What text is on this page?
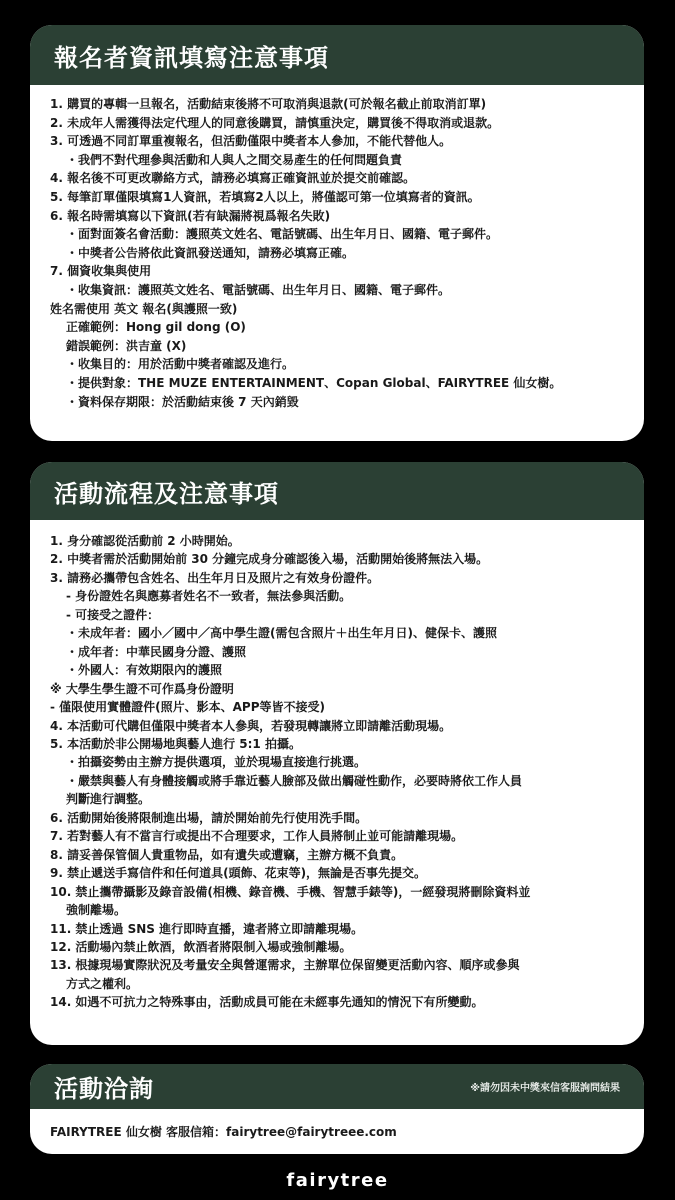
報名者資訊填寫注意事項
1. 購買的專輯一旦報名，活動結束後將不可取消與退款(可於報名截止前取消訂單)
2. 未成年人需獲得法定代理人的同意後購買，請慎重決定，購買後不得取消或退款。
3. 可透過不同訂單重複報名，但活動僅限中獎者本人參加，不能代替他人。
・我們不對代理參與活動和人與人之間交易產生的任何問題負責
4. 報名後不可更改聯絡方式，請務必填寫正確資訊並於提交前確認。
5. 每筆訂單僅限填寫1人資訊，若填寫2人以上，將僅認可第一位填寫者的資訊。
6. 報名時需填寫以下資訊(若有缺漏將視爲報名失敗)
・面對面簽名會活動：護照英文姓名、電話號碼、出生年月日、國籍、電子郵件。
・中獎者公告將依此資訊發送通知，請務必填寫正確。
7. 個資收集與使用
・收集資訊：護照英文姓名、電話號碼、出生年月日、國籍、電子郵件。
姓名需使用 英文 報名(與護照一致)
正確範例：Hong gil dong (O)
錯誤範例：洪吉童 (X)
・收集目的：用於活動中獎者確認及進行。
・提供對象：THE MUZE ENTERTAINMENT、Copan Global、FAIRYTREE 仙女樹。
・資料保存期限：於活動結束後 7 天內銷毀
活動流程及注意事項
1. 身分確認從活動前 2 小時開始。
2. 中獎者需於活動開始前 30 分鐘完成身分確認後入場，活動開始後將無法入場。
3. 請務必攜帶包含姓名、出生年月日及照片之有效身份證件。
- 身份證姓名與應募者姓名不一致者，無法參與活動。
- 可接受之證件：
・未成年者：國小／國中／高中學生證(需包含照片＋出生年月日)、健保卡、護照
・成年者：中華民國身分證、護照
・外國人：有效期限內的護照
※ 大學生學生證不可作爲身份證明
- 僅限使用實體證件(照片、影本、APP等皆不接受)
4. 本活動可代購但僅限中獎者本人參與，若發現轉讓將立即請離活動現場。
5. 本活動於非公開場地與藝人進行 5:1 拍攝。
・拍攝姿勢由主辦方提供選項，並於現場直接進行挑選。
・嚴禁與藝人有身體接觸或將手靠近藝人臉部及做出觸碰性動作，必要時將依工作人員
判斷進行調整。
6. 活動開始後將限制進出場，請於開始前先行使用洗手間。
7. 若對藝人有不當言行或提出不合理要求，工作人員將制止並可能請離現場。
8. 請妥善保管個人貴重物品，如有遺失或遭竊，主辦方概不負責。
9. 禁止遞送手寫信件和任何道具(頭飾、花束等)，無論是否事先提交。
10. 禁止攜帶攝影及錄音設備(相機、錄音機、手機、智慧手錶等)，一經發現將刪除資料並
強制離場。
11. 禁止透過 SNS 進行即時直播，違者將立即請離現場。
12. 活動場內禁止飲酒，飲酒者將限制入場或強制離場。
13. 根據現場實際狀況及考量安全與營運需求，主辦單位保留變更活動內容、順序或參與
方式之權利。
14. 如遇不可抗力之特殊事由，活動成員可能在未經事先通知的情況下有所變動。
活動洽詢	※請勿因未中獎來信客服詢問結果
FAIRYTREE 仙女樹 客服信箱：fairytree@fairytreee.com
fairytree
